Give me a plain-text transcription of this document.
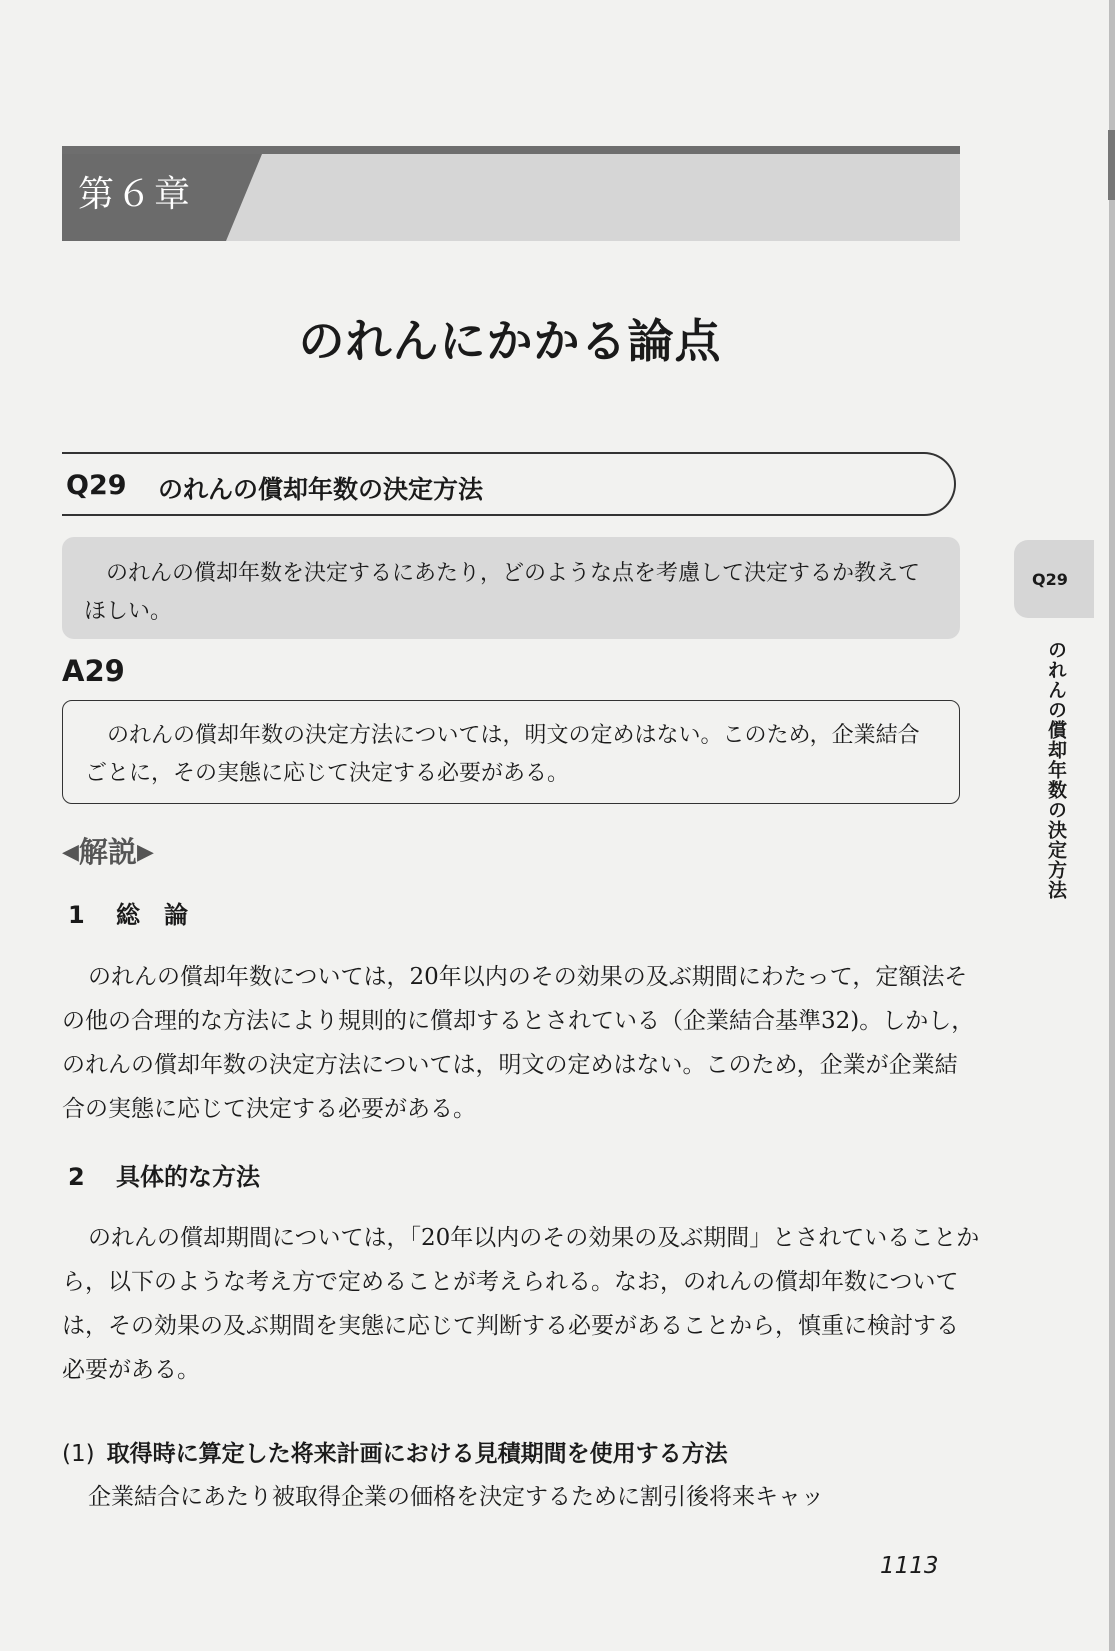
第６章
のれんにかかる論点
Q29 のれんの償却年数の決定方法

のれんの償却年数を決定するにあたり，どのような点を考慮して決定するか教えてほしい。

A29

のれんの償却年数の決定方法については，明文の定めはない。このため，企業結合ごとに，その実態に応じて決定する必要がある。

◀解説▶
1 総　論

のれんの償却年数については，20年以内のその効果の及ぶ期間にわたって，定額法その他の合理的な方法により規則的に償却するとされている（企業結合基準32)。しかし，のれんの償却年数の決定方法については，明文の定めはない。このため，企業が企業結合の実態に応じて決定する必要がある。

2 具体的な方法

のれんの償却期間については，「20年以内のその効果の及ぶ期間」とされていることから，以下のような考え方で定めることが考えられる。なお，のれんの償却年数については，その効果の及ぶ期間を実態に応じて判断する必要があることから，慎重に検討する必要がある。

(1) 取得時に算定した将来計画における見積期間を使用する方法

企業結合にあたり被取得企業の価格を決定するために割引後将来キャッ

1113
Q29
のれんの償却年数の決定方法
